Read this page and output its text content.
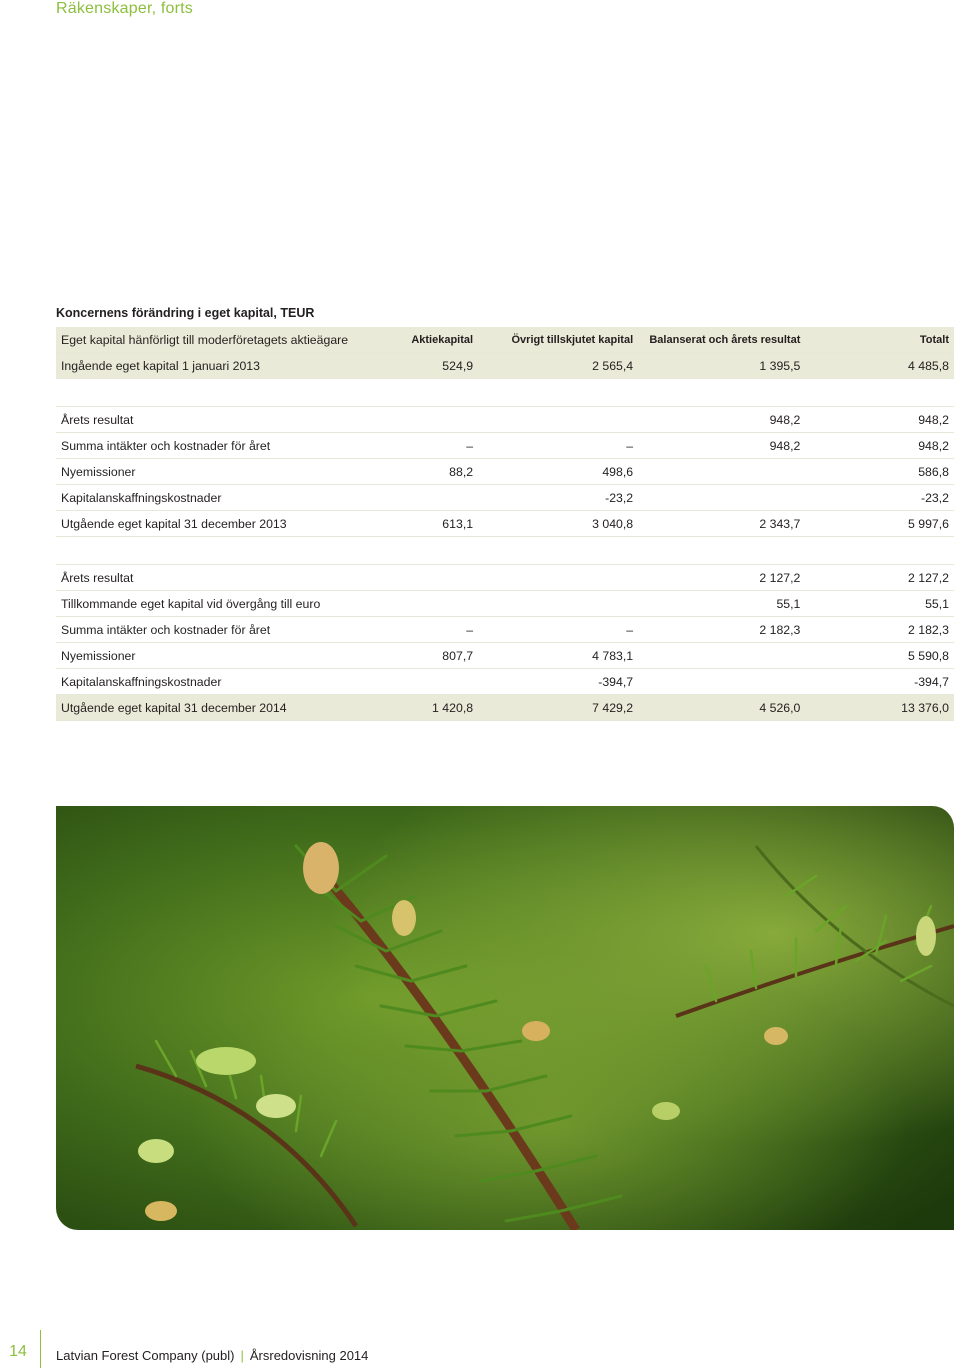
Räkenskaper, forts
Koncernens förändring i eget kapital, TEUR
Eget kapital hänförligt till moderföretagets aktieägare	Aktiekapital	Övrigt tillskjutet kapital	Balanserat och årets resultat	Totalt
Ingående eget kapital 1 januari 2013	524,9	2 565,4	1 395,5	4 485,8

Årets resultat			948,2	948,2
Summa intäkter och kostnader för året	–	–	948,2	948,2
Nyemissioner	88,2	498,6		586,8
Kapitalanskaffningskostnader		-23,2		-23,2
Utgående eget kapital 31 december 2013	613,1	3 040,8	2 343,7	5 997,6

Årets resultat			2 127,2	2 127,2
Tillkommande eget kapital vid övergång till euro			55,1	55,1
Summa intäkter och kostnader för året	–	–	2 182,3	2 182,3
Nyemissioner	807,7	4 783,1		5 590,8
Kapitalanskaffningskostnader		-394,7		-394,7
Utgående eget kapital 31 december 2014	1 420,8	7 429,2	4 526,0	13 376,0
14	Latvian Forest Company (publ) | Årsredovisning 2014
